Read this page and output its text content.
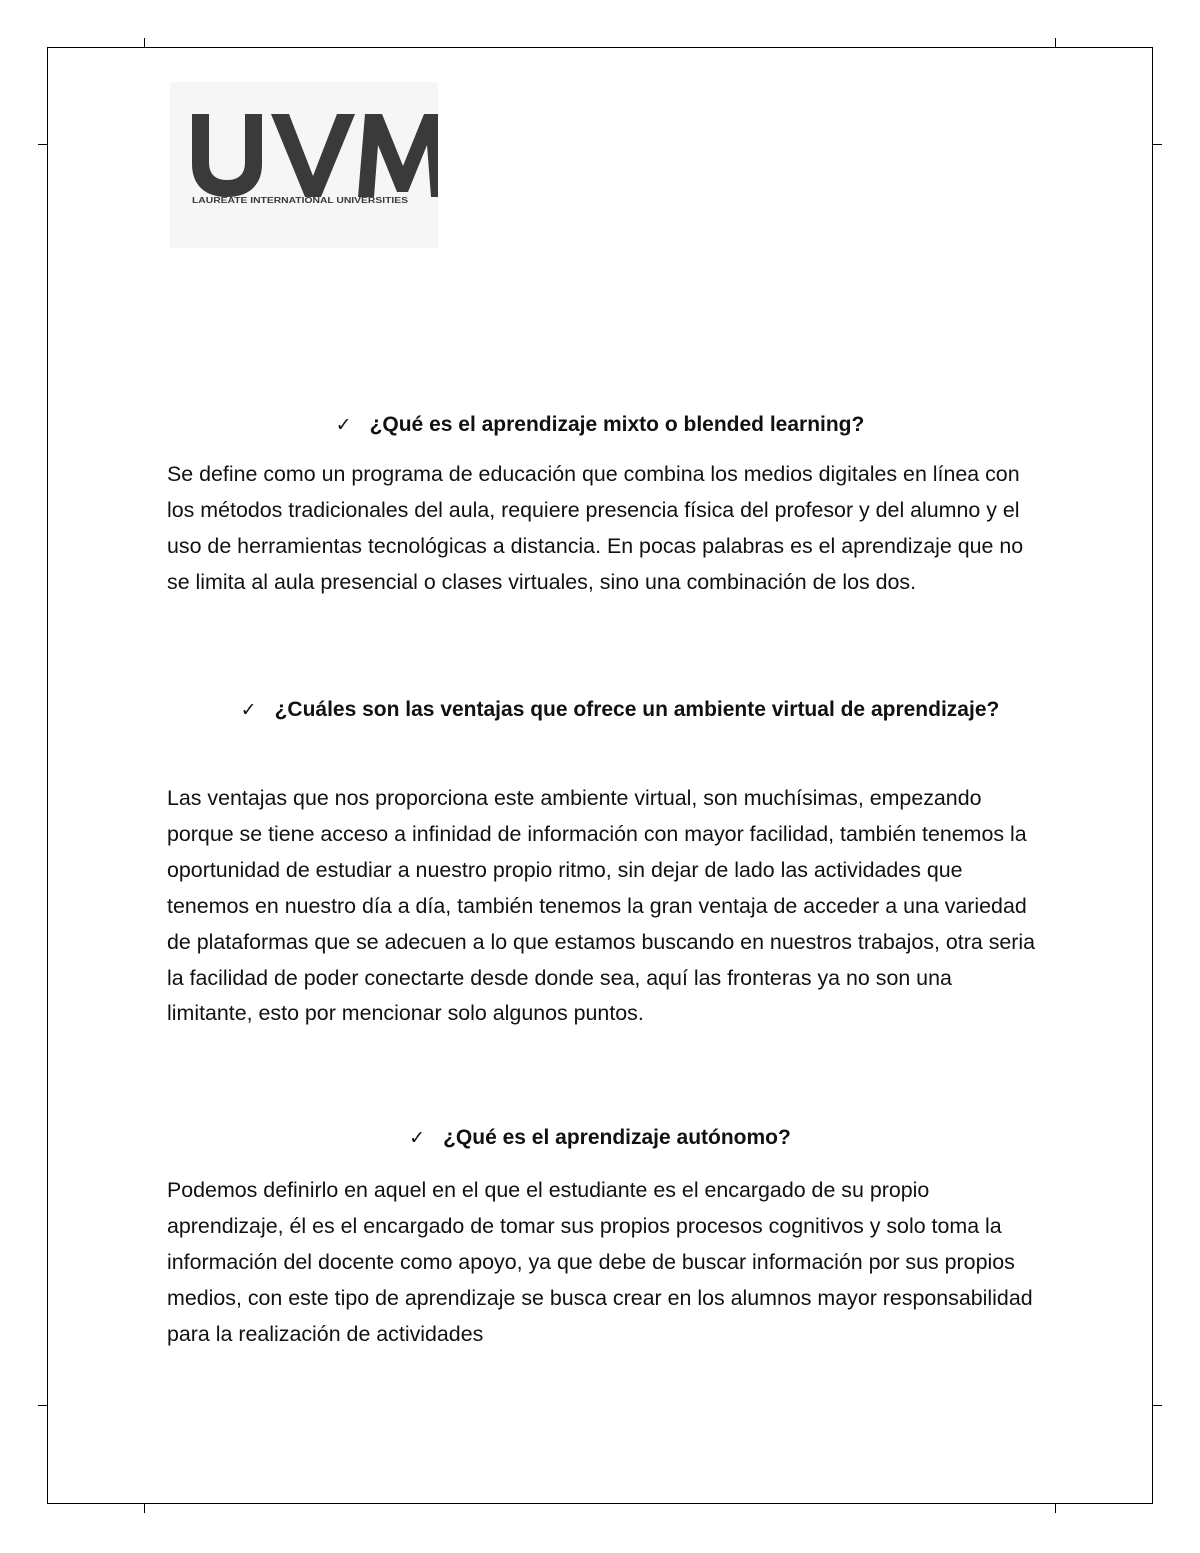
LAUREATE INTERNATIONAL UNIVERSITIES
✓ ¿Qué es el aprendizaje mixto o blended learning?

Se define como un programa de educación que combina los medios digitales en línea con los métodos tradicionales del aula, requiere presencia física del profesor y del alumno y el uso de herramientas tecnológicas a distancia. En pocas palabras es el aprendizaje que no se limita al aula presencial o clases virtuales, sino una combinación de los dos.

✓ ¿Cuáles son las ventajas que ofrece un ambiente virtual de aprendizaje?

Las ventajas que nos proporciona este ambiente virtual, son muchísimas, empezando porque se tiene acceso a infinidad de información con mayor facilidad, también tenemos la oportunidad de estudiar a nuestro propio ritmo, sin dejar de lado las actividades que tenemos en nuestro día a día, también tenemos la gran ventaja de acceder a una variedad de plataformas que se adecuen a lo que estamos buscando en nuestros trabajos, otra seria la facilidad de poder conectarte desde donde sea, aquí las fronteras ya no son una limitante, esto por mencionar solo algunos puntos.

✓ ¿Qué es el aprendizaje autónomo?

Podemos definirlo en aquel en el que el estudiante es el encargado de su propio aprendizaje, él es el encargado de tomar sus propios procesos cognitivos y solo toma la información del docente como apoyo, ya que debe de buscar información por sus propios medios, con este tipo de aprendizaje se busca crear en los alumnos mayor responsabilidad para la realización de actividades
